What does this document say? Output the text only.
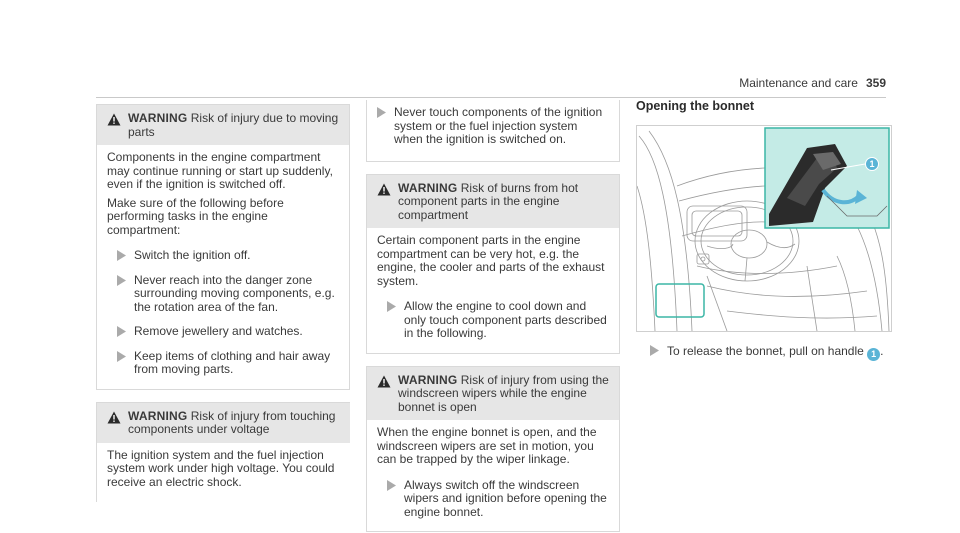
Maintenance and care 359
WARNING Risk of injury due to moving parts

Components in the engine compartment may continue running or start up suddenly, even if the ignition is switched off.

Make sure of the following before performing tasks in the engine compartment:

Switch the ignition off.
Never reach into the danger zone surrounding moving components, e.g. the rotation area of the fan.
Remove jewellery and watches.
Keep items of clothing and hair away from moving parts.
WARNING Risk of injury from touching components under voltage

The ignition system and the fuel injection system work under high voltage. You could receive an electric shock.

Never touch components of the ignition system or the fuel injection system when the ignition is switched on.
WARNING Risk of burns from hot component parts in the engine compartment

Certain component parts in the engine compartment can be very hot, e.g. the engine, the cooler and parts of the exhaust system.

Allow the engine to cool down and only touch component parts described in the following.
WARNING Risk of injury from using the windscreen wipers while the engine bonnet is open

When the engine bonnet is open, and the windscreen wipers are set in motion, you can be trapped by the wiper linkage.

Always switch off the windscreen wipers and ignition before opening the engine bonnet.
Opening the bonnet
1
To release the bonnet, pull on handle 1 .
